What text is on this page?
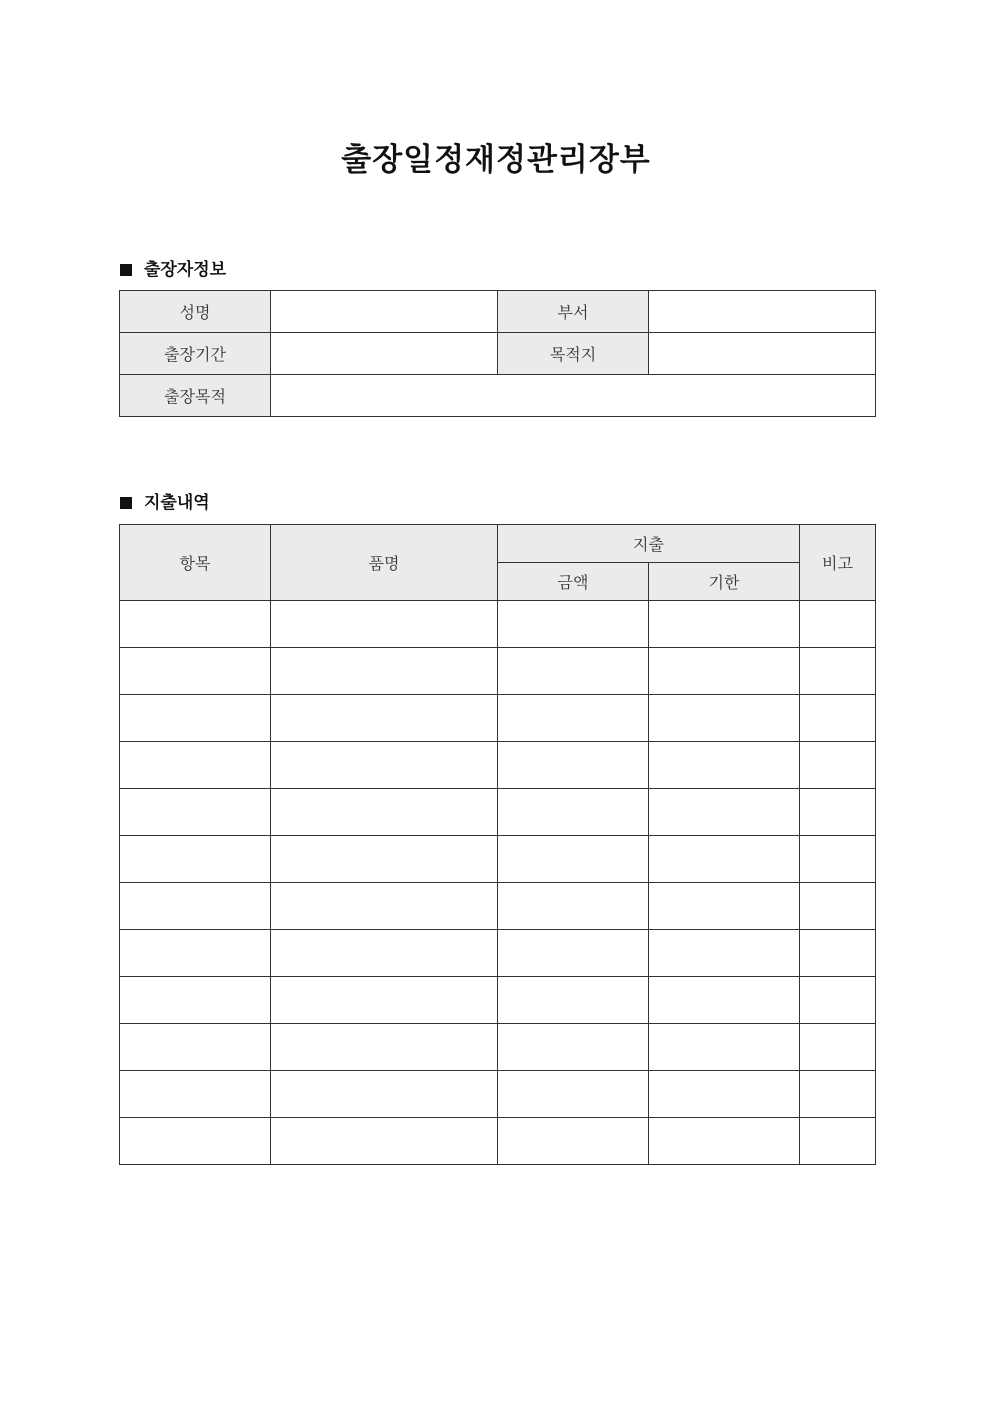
출장일정재정관리장부
출장자정보
성명		부서	
출장기간		목적지	
출장목적			
지출내역
항목	품명	지출		비고
		금액	기한	
